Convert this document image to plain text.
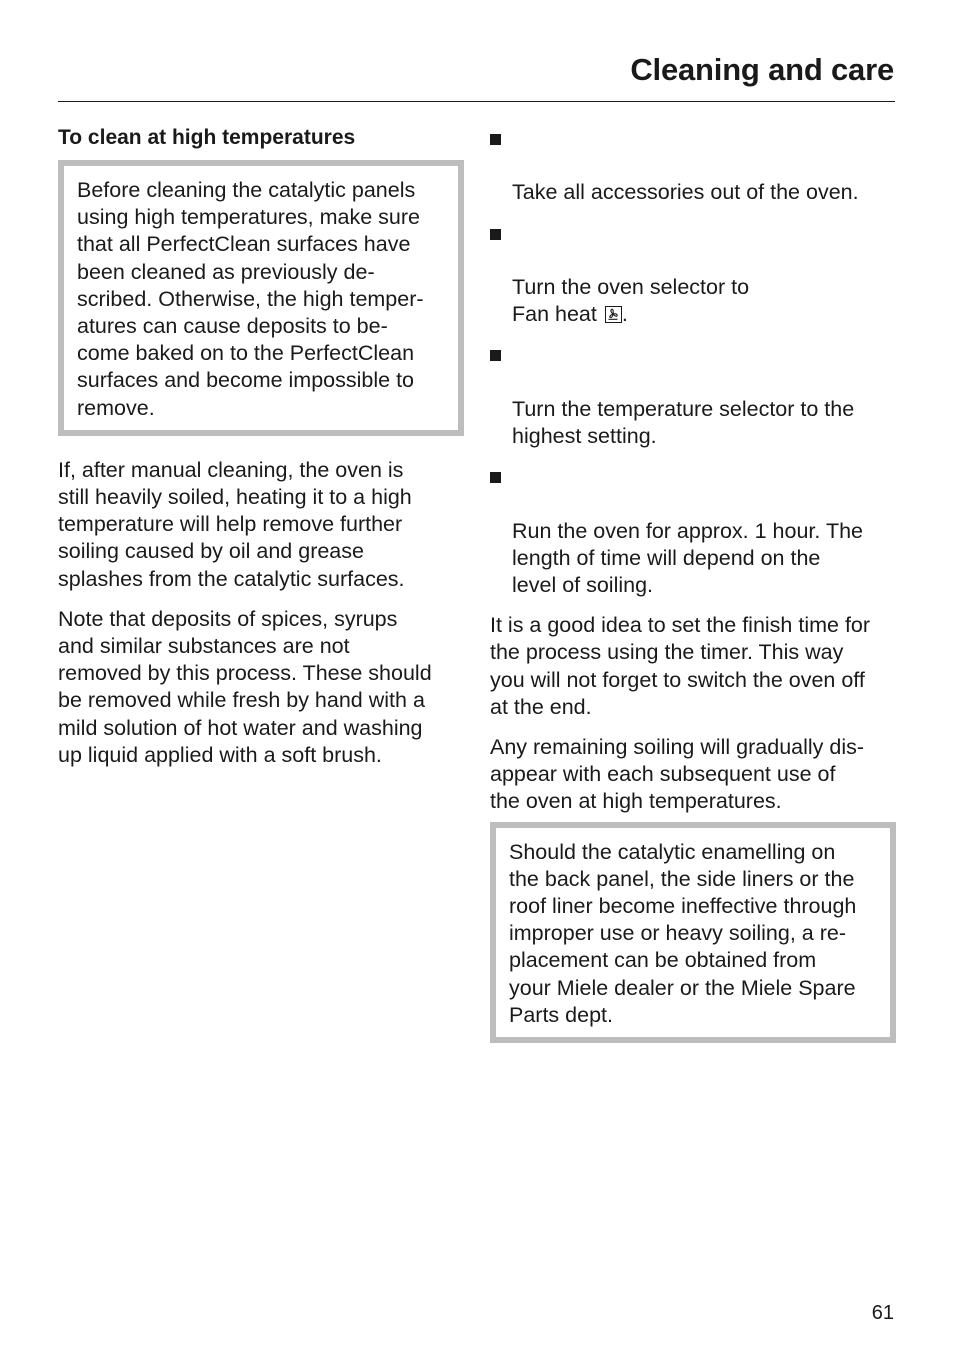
Cleaning and care
To clean at high temperatures
Before cleaning the catalytic panels
using high temperatures, make sure
that all PerfectClean surfaces have
been cleaned as previously de-
scribed. Otherwise, the high temper-
atures can cause deposits to be-
come baked on to the PerfectClean
surfaces and become impossible to
remove.

If, after manual cleaning, the oven is
still heavily soiled, heating it to a high
temperature will help remove further
soiling caused by oil and grease
splashes from the catalytic surfaces.

Note that deposits of spices, syrups
and similar substances are not
removed by this process. These should
be removed while fresh by hand with a
mild solution of hot water and washing
up liquid applied with a soft brush.

Take all accessories out of the oven.

Turn the oven selector to
Fan heat
.

Turn the temperature selector to the
highest setting.

Run the oven for approx. 1 hour. The
length of time will depend on the
level of soiling.

It is a good idea to set the finish time for
the process using the timer. This way
you will not forget to switch the oven off
at the end.

Any remaining soiling will gradually dis-
appear with each subsequent use of
the oven at high temperatures.

Should the catalytic enamelling on
the back panel, the side liners or the
roof liner become ineffective through
improper use or heavy soiling, a re-
placement can be obtained from
your Miele dealer or the Miele Spare
Parts dept.

61
